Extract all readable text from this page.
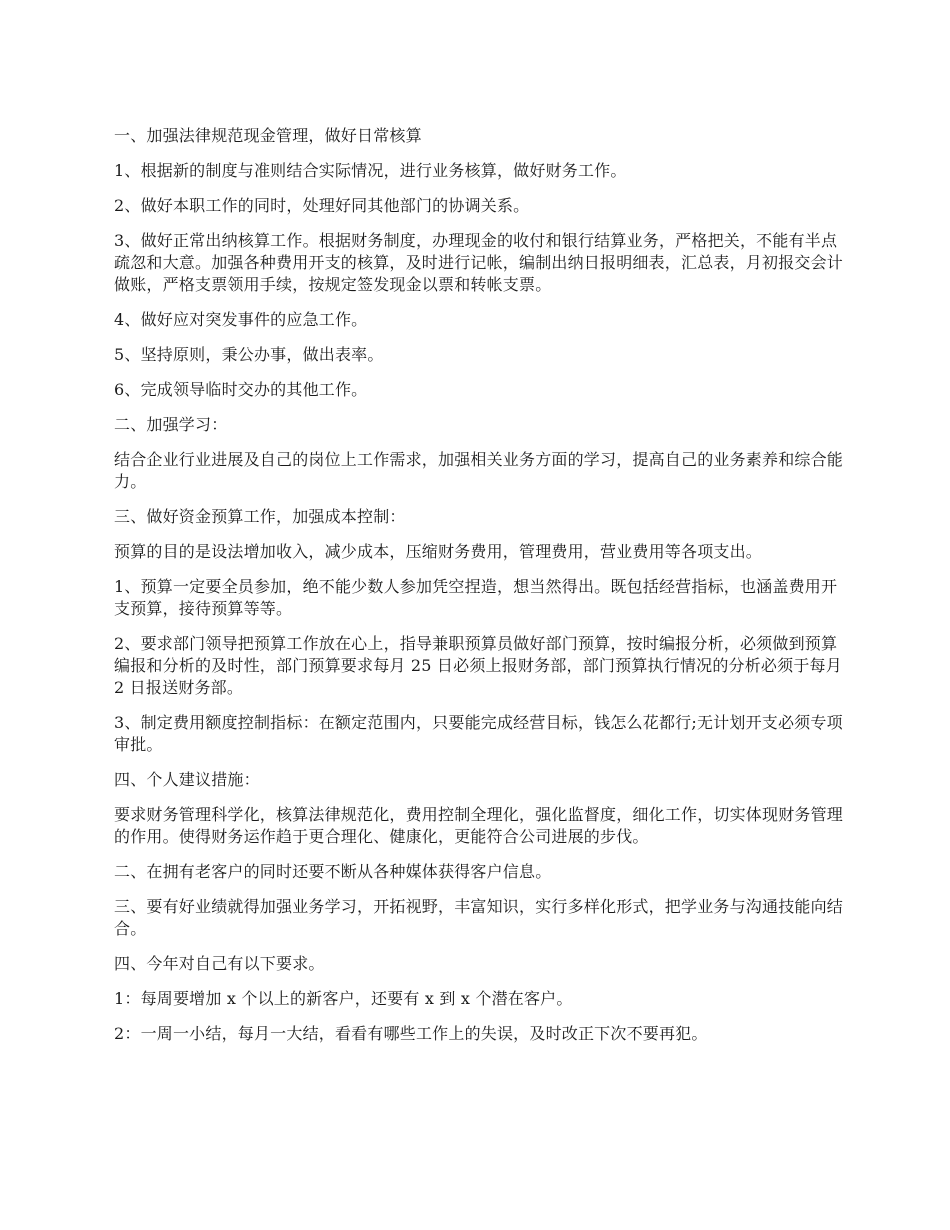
一、加强法律规范现金管理，做好日常核算

1、根据新的制度与准则结合实际情况，进行业务核算，做好财务工作。

2、做好本职工作的同时，处理好同其他部门的协调关系。

3、做好正常出纳核算工作。根据财务制度，办理现金的收付和银行结算业务，严格把关，不能有半点疏忽和大意。加强各种费用开支的核算，及时进行记帐，编制出纳日报明细表，汇总表，月初报交会计做账，严格支票领用手续，按规定签发现金以票和转帐支票。

4、做好应对突发事件的应急工作。

5、坚持原则，秉公办事，做出表率。

6、完成领导临时交办的其他工作。

二、加强学习：

结合企业行业进展及自己的岗位上工作需求，加强相关业务方面的学习，提高自己的业务素养和综合能力。

三、做好资金预算工作，加强成本控制：

预算的目的是设法增加收入，减少成本，压缩财务费用，管理费用，营业费用等各项支出。

1、预算一定要全员参加，绝不能少数人参加凭空捏造，想当然得出。既包括经营指标，也涵盖费用开支预算，接待预算等等。

2、要求部门领导把预算工作放在心上，指导兼职预算员做好部门预算，按时编报分析，必须做到预算编报和分析的及时性，部门预算要求每月 25 日必须上报财务部，部门预算执行情况的分析必须于每月 2 日报送财务部。

3、制定费用额度控制指标：在额定范围内，只要能完成经营目标，钱怎么花都行;无计划开支必须专项审批。

四、个人建议措施：

要求财务管理科学化，核算法律规范化，费用控制全理化，强化监督度，细化工作，切实体现财务管理的作用。使得财务运作趋于更合理化、健康化，更能符合公司进展的步伐。

二、在拥有老客户的同时还要不断从各种媒体获得客户信息。

三、要有好业绩就得加强业务学习，开拓视野，丰富知识，实行多样化形式，把学业务与沟通技能向结合。

四、今年对自己有以下要求。

1：每周要增加 x 个以上的新客户，还要有 x 到 x 个潜在客户。

2：一周一小结，每月一大结，看看有哪些工作上的失误，及时改正下次不要再犯。
